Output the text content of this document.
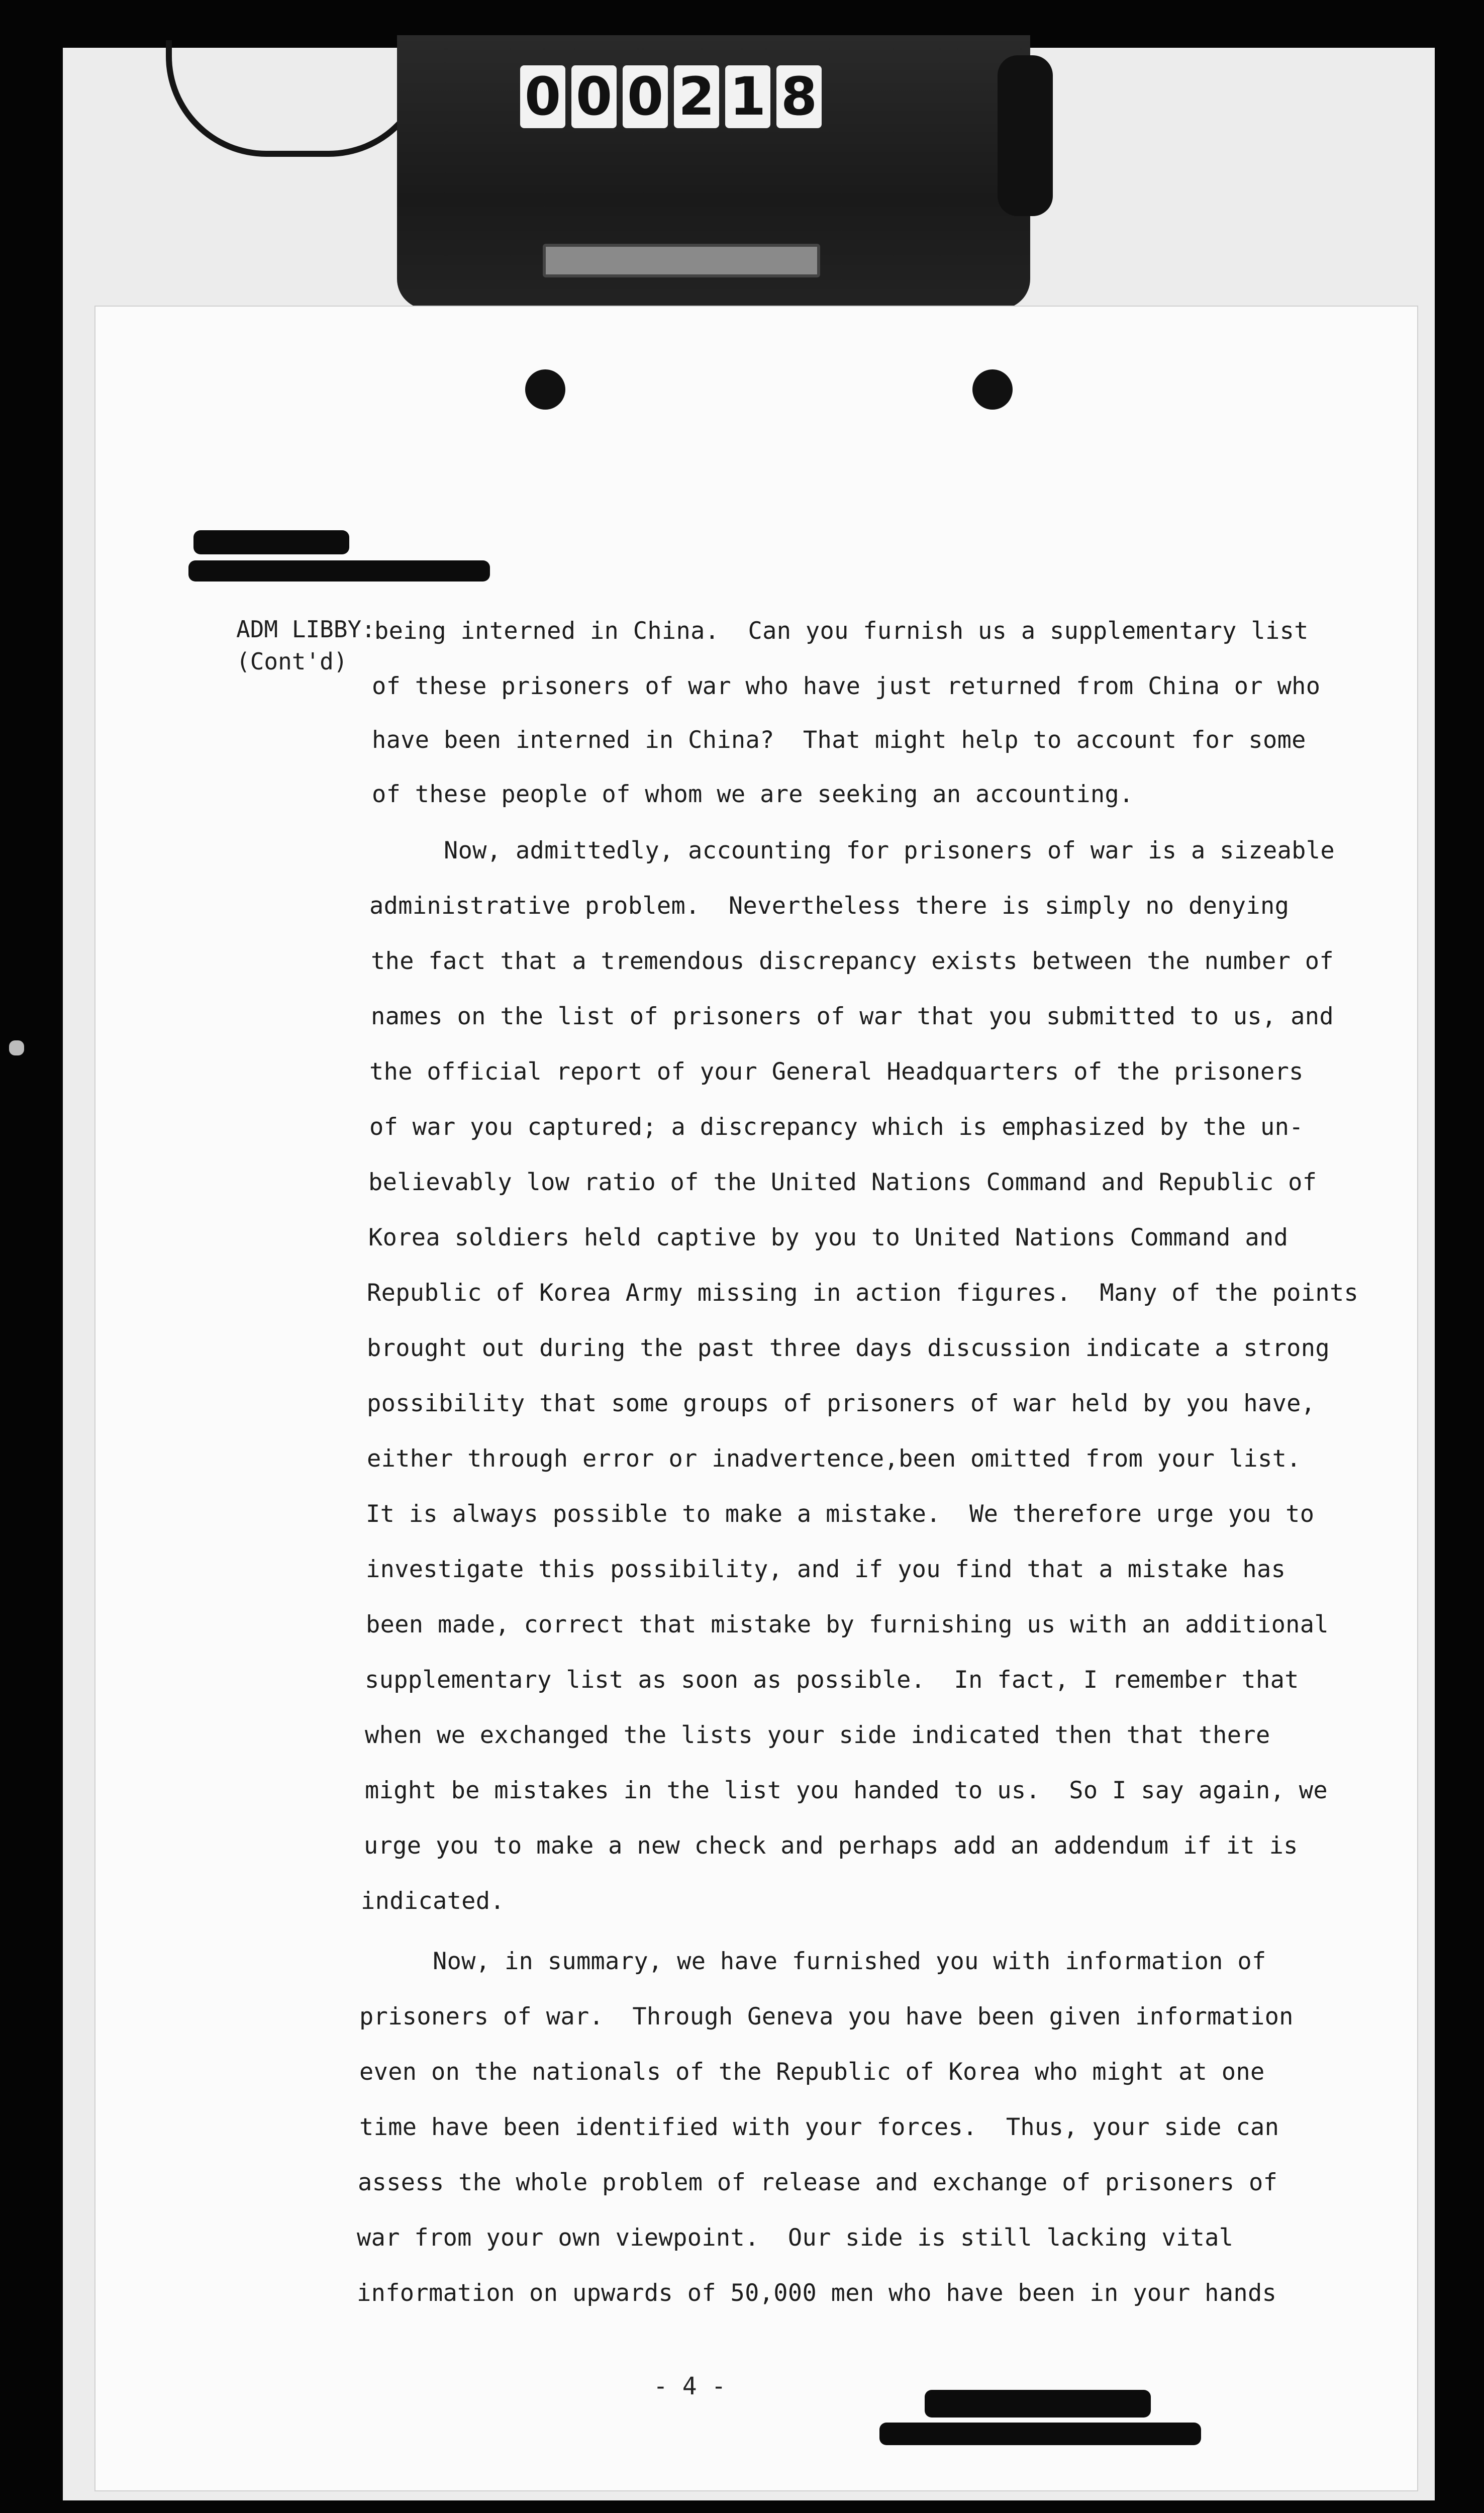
0 0 0 2 1 8
ADM LIBBY:
(Cont'd)
being interned in China.  Can you furnish us a supplementary list
of these prisoners of war who have just returned from China or who
have been interned in China?  That might help to account for some
of these people of whom we are seeking an accounting.
Now, admittedly, accounting for prisoners of war is a sizeable
administrative problem.  Nevertheless there is simply no denying
the fact that a tremendous discrepancy exists between the number of
names on the list of prisoners of war that you submitted to us, and
the official report of your General Headquarters of the prisoners
of war you captured; a discrepancy which is emphasized by the un-
believably low ratio of the United Nations Command and Republic of
Korea soldiers held captive by you to United Nations Command and
Republic of Korea Army missing in action figures.  Many of the points
brought out during the past three days discussion indicate a strong
possibility that some groups of prisoners of war held by you have,
either through error or inadvertence,been omitted from your list.
It is always possible to make a mistake.  We therefore urge you to
investigate this possibility, and if you find that a mistake has
been made, correct that mistake by furnishing us with an additional
supplementary list as soon as possible.  In fact, I remember that
when we exchanged the lists your side indicated then that there
might be mistakes in the list you handed to us.  So I say again, we
urge you to make a new check and perhaps add an addendum if it is
indicated.
Now, in summary, we have furnished you with information of
prisoners of war.  Through Geneva you have been given information
even on the nationals of the Republic of Korea who might at one
time have been identified with your forces.  Thus, your side can
assess the whole problem of release and exchange of prisoners of
war from your own viewpoint.  Our side is still lacking vital
information on upwards of 50,000 men who have been in your hands
- 4 -
